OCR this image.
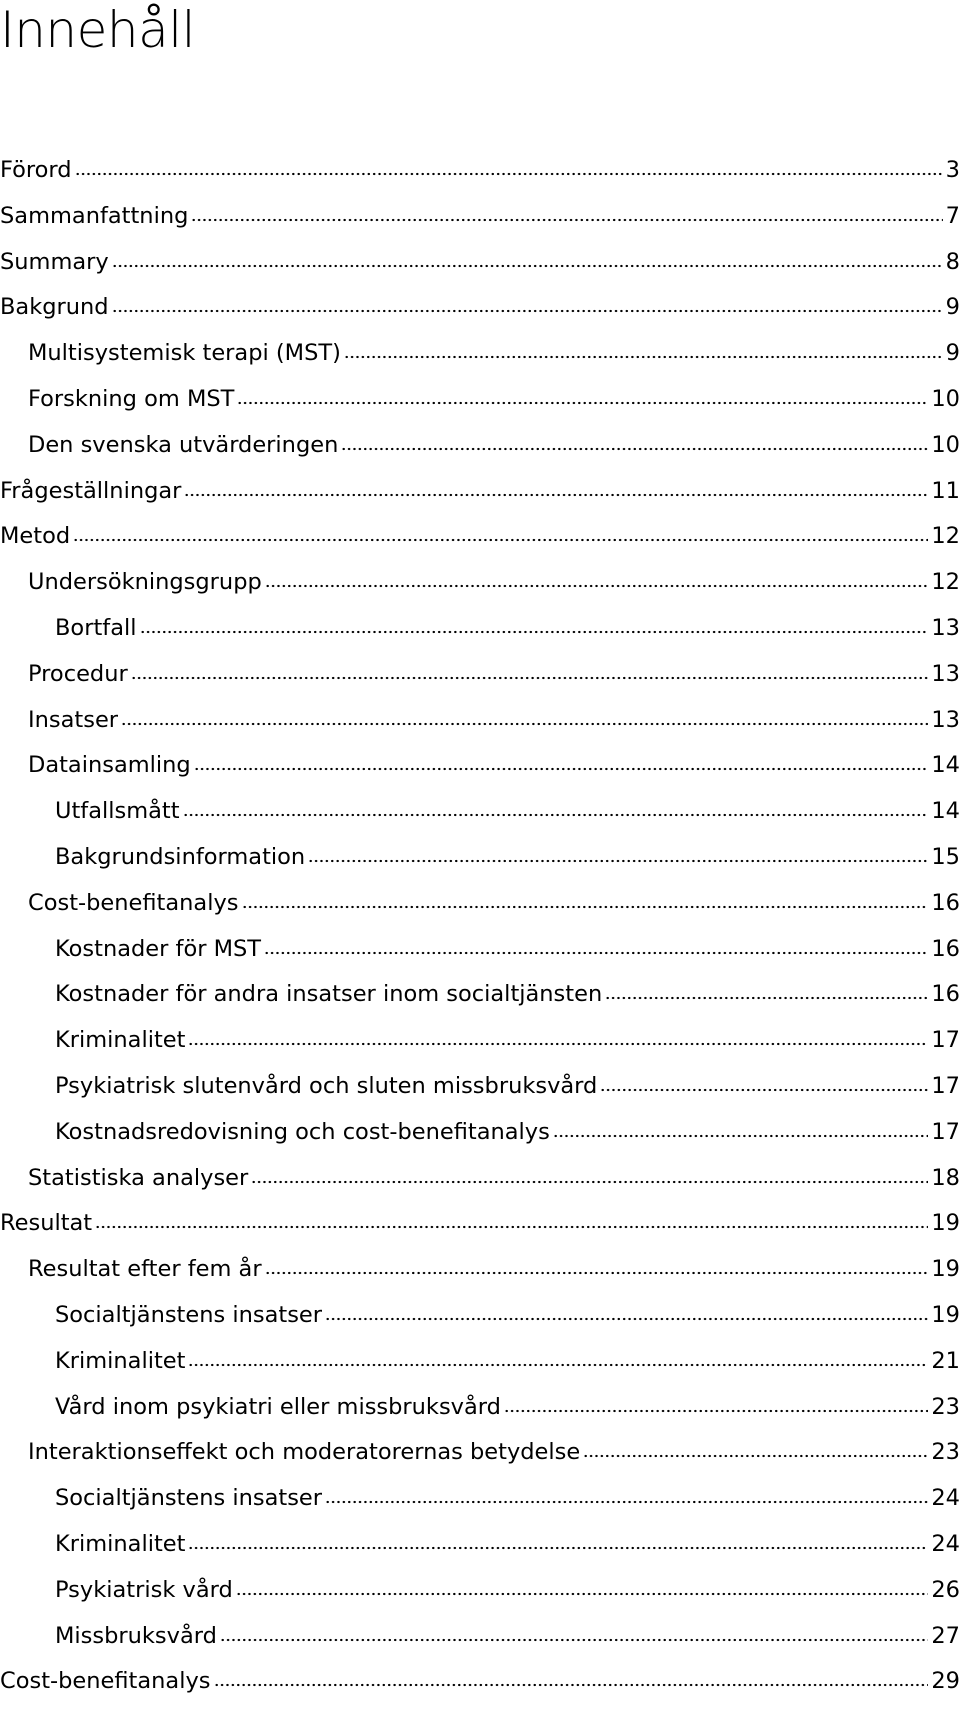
Innehåll
Förord	3
Sammanfattning	7
Summary	8
Bakgrund	9
Multisystemisk terapi (MST)	9
Forskning om MST	10
Den svenska utvärderingen	10
Frågeställningar	11
Metod	12
Undersökningsgrupp	12
Bortfall	13
Procedur	13
Insatser	13
Datainsamling	14
Utfallsmått	14
Bakgrundsinformation	15
Cost-benefitanalys	16
Kostnader för MST	16
Kostnader för andra insatser inom socialtjänsten	16
Kriminalitet	17
Psykiatrisk slutenvård och sluten missbruksvård	17
Kostnadsredovisning och cost-benefitanalys	17
Statistiska analyser	18
Resultat	19
Resultat efter fem år	19
Socialtjänstens insatser	19
Kriminalitet	21
Vård inom psykiatri eller missbruksvård	23
Interaktionseffekt och moderatorernas betydelse	23
Socialtjänstens insatser	24
Kriminalitet	24
Psykiatrisk vård	26
Missbruksvård	27
Cost-benefitanalys	29
